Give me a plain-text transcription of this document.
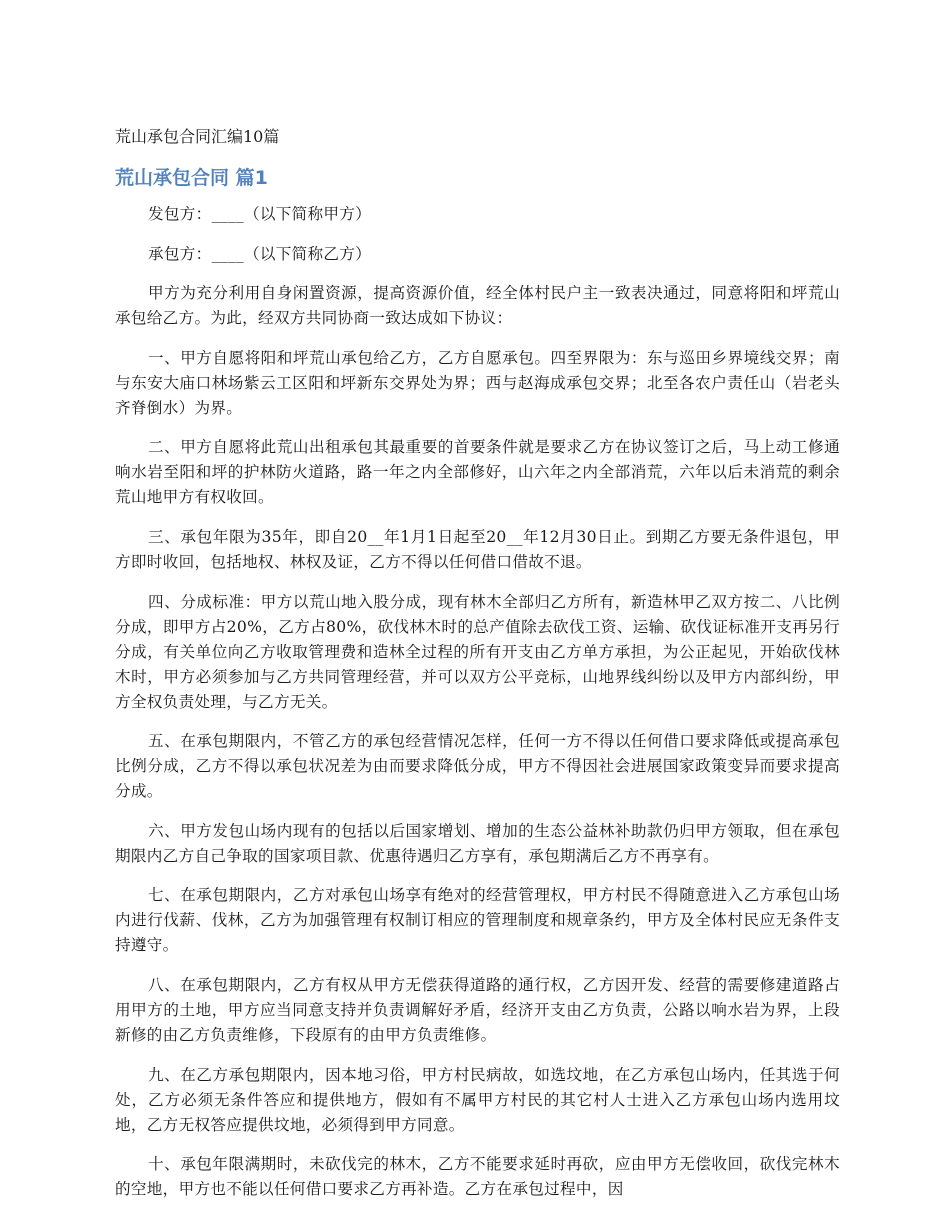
荒山承包合同汇编10篇
荒山承包合同 篇1

发包方：____（以下简称甲方）

承包方：____（以下简称乙方）

甲方为充分利用自身闲置资源，提高资源价值，经全体村民户主一致表决通过，同意将阳和坪荒山承包给乙方。为此，经双方共同协商一致达成如下协议：

一、甲方自愿将阳和坪荒山承包给乙方，乙方自愿承包。四至界限为：东与巡田乡界境线交界；南与东安大庙口林场紫云工区阳和坪新东交界处为界；西与赵海成承包交界；北至各农户责任山（岩老头齐脊倒水）为界。

二、甲方自愿将此荒山出租承包其最重要的首要条件就是要求乙方在协议签订之后，马上动工修通响水岩至阳和坪的护林防火道路，路一年之内全部修好，山六年之内全部消荒，六年以后未消荒的剩余荒山地甲方有权收回。

三、承包年限为35年，即自20__年1月1日起至20__年12月30日止。到期乙方要无条件退包，甲方即时收回，包括地权、林权及证，乙方不得以任何借口借故不退。

四、分成标准：甲方以荒山地入股分成，现有林木全部归乙方所有，新造林甲乙双方按二、八比例分成，即甲方占20%，乙方占80%，砍伐林木时的总产值除去砍伐工资、运输、砍伐证标准开支再另行分成，有关单位向乙方收取管理费和造林全过程的所有开支由乙方单方承担，为公正起见，开始砍伐林木时，甲方必须参加与乙方共同管理经营，并可以双方公平竞标，山地界线纠纷以及甲方内部纠纷，甲方全权负责处理，与乙方无关。

五、在承包期限内，不管乙方的承包经营情况怎样，任何一方不得以任何借口要求降低或提高承包比例分成，乙方不得以承包状况差为由而要求降低分成，甲方不得因社会进展国家政策变异而要求提高分成。

六、甲方发包山场内现有的包括以后国家增划、增加的生态公益林补助款仍归甲方领取，但在承包期限内乙方自己争取的国家项目款、优惠待遇归乙方享有，承包期满后乙方不再享有。

七、在承包期限内，乙方对承包山场享有绝对的经营管理权，甲方村民不得随意进入乙方承包山场内进行伐薪、伐林，乙方为加强管理有权制订相应的管理制度和规章条约，甲方及全体村民应无条件支持遵守。

八、在承包期限内，乙方有权从甲方无偿获得道路的通行权，乙方因开发、经营的需要修建道路占用甲方的土地，甲方应当同意支持并负责调解好矛盾，经济开支由乙方负责，公路以响水岩为界，上段新修的由乙方负责维修，下段原有的由甲方负责维修。

九、在乙方承包期限内，因本地习俗，甲方村民病故，如选坟地，在乙方承包山场内，任其选于何处，乙方必须无条件答应和提供地方，假如有不属甲方村民的其它村人士进入乙方承包山场内选用坟地，乙方无权答应提供坟地，必须得到甲方同意。

十、承包年限满期时，未砍伐完的林木，乙方不能要求延时再砍，应由甲方无偿收回，砍伐完林木的空地，甲方也不能以任何借口要求乙方再补造。乙方在承包过程中，因
